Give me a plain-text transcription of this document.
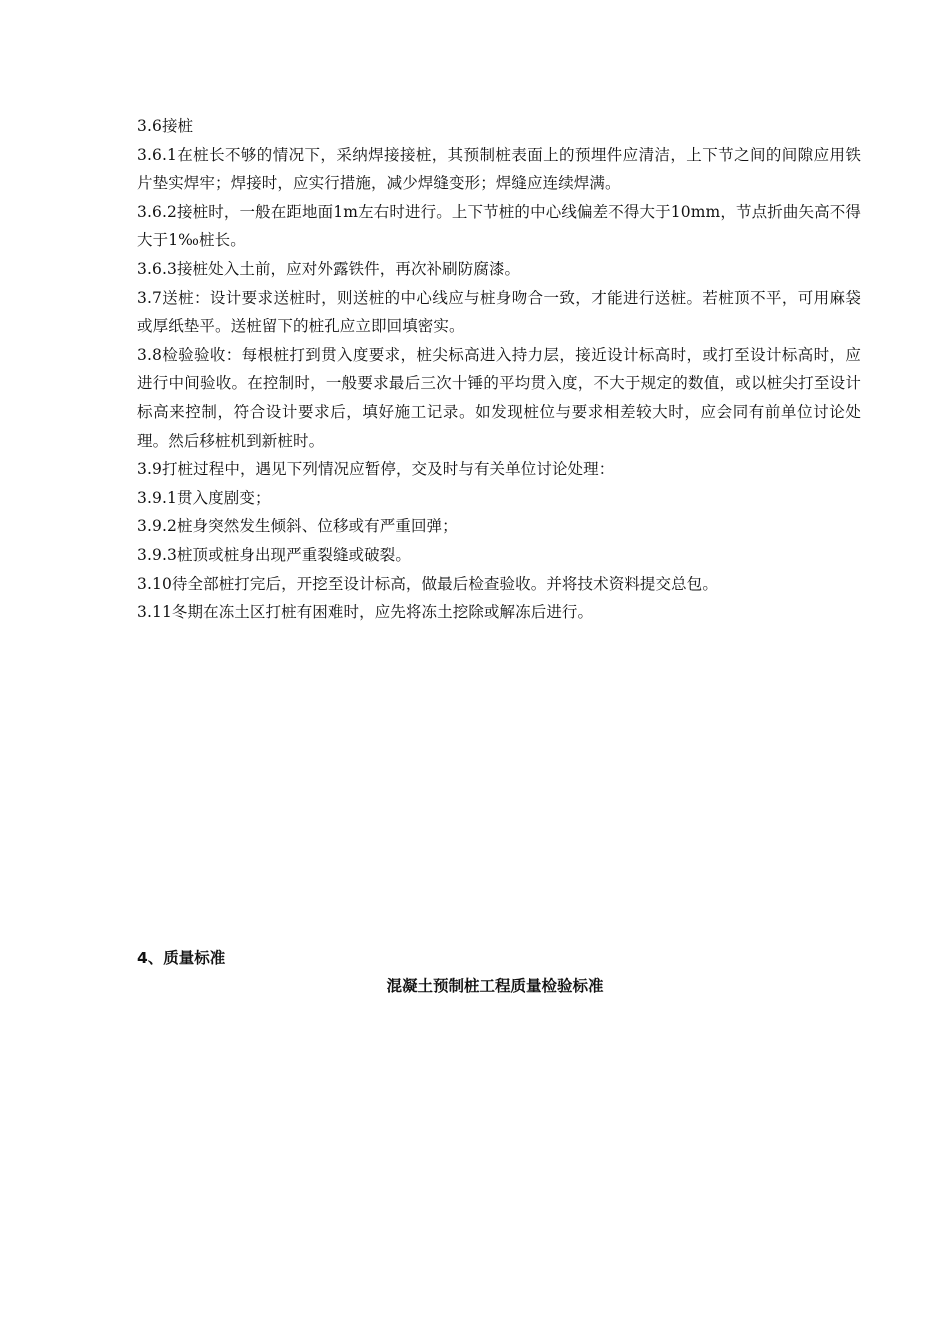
3.6接桩

3.6.1在桩长不够的情况下，采纳焊接接桩，其预制桩表面上的预埋件应清洁，上下节之间的间隙应用铁片垫实焊牢；焊接时，应实行措施，减少焊缝变形；焊缝应连续焊满。

3.6.2接桩时，一般在距地面1m左右时进行。上下节桩的中心线偏差不得大于10mm，节点折曲矢高不得大于1‰桩长。

3.6.3接桩处入土前，应对外露铁件，再次补刷防腐漆。

3.7送桩：设计要求送桩时，则送桩的中心线应与桩身吻合一致，才能进行送桩。若桩顶不平，可用麻袋或厚纸垫平。送桩留下的桩孔应立即回填密实。

3.8检验验收：每根桩打到贯入度要求，桩尖标高进入持力层，接近设计标高时，或打至设计标高时，应进行中间验收。在控制时，一般要求最后三次十锤的平均贯入度，不大于规定的数值，或以桩尖打至设计标高来控制，符合设计要求后，填好施工记录。如发现桩位与要求相差较大时，应会同有前单位讨论处理。然后移桩机到新桩时。

3.9打桩过程中，遇见下列情况应暂停，交及时与有关单位讨论处理：

3.9.1贯入度剧变；

3.9.2桩身突然发生倾斜、位移或有严重回弹；

3.9.3桩顶或桩身出现严重裂缝或破裂。

3.10待全部桩打完后，开挖至设计标高，做最后检查验收。并将技术资料提交总包。

3.11冬期在冻土区打桩有困难时，应先将冻土挖除或解冻后进行。

4、质量标准
混凝土预制桩工程质量检验标准
